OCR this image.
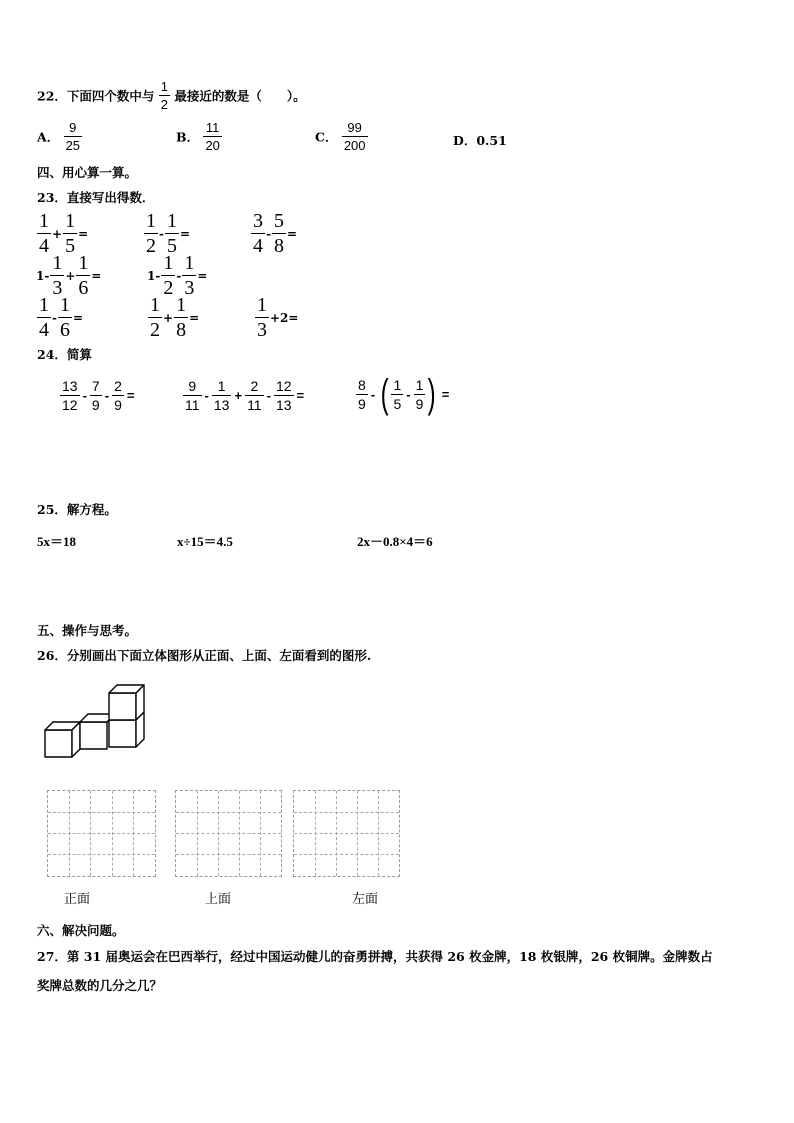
22．下面四个数中与 $\frac{1}{2}$ 最接近的数是（　　）。
A． $\frac{9}{25}$	B． $\frac{11}{20}$	C． $\frac{99}{200}$	D．0.51
四、用心算一算。
23．直接写出得数．
$\frac{1}{4} + \frac{1}{5}$ =	$\frac{1}{2} - \frac{1}{5}$ =	$\frac{3}{4} - \frac{5}{8}$ =
$1- \frac{1}{3} + \frac{1}{6}$ =	$1- \frac{1}{2} - \frac{1}{3}$ =
$\frac{1}{4} - \frac{1}{6}$ =	$\frac{1}{2} + \frac{1}{8}$ =	$\frac{1}{3} +2=$
24．简算
$\frac{13}{12} - \frac{7}{9} - \frac{2}{9}$ =	$\frac{9}{11} - \frac{1}{13} + \frac{2}{11} - \frac{12}{13}$ =	$\frac{8}{9}$ - ( $\frac{1}{5} - \frac{1}{9}$ ) =
25．解方程。
5x＝18	x÷15＝4.5	2x－0.8×4＝6
五、操作与思考。
26．分别画出下面立体图形从正面、上面、左面看到的图形.
正面	上面	左面
六、解决问题。
27．第 31 届奥运会在巴西举行，经过中国运动健儿的奋勇拼搏，共获得 26 枚金牌，18 枚银牌，26 枚铜牌。金牌数占
奖牌总数的几分之几？
